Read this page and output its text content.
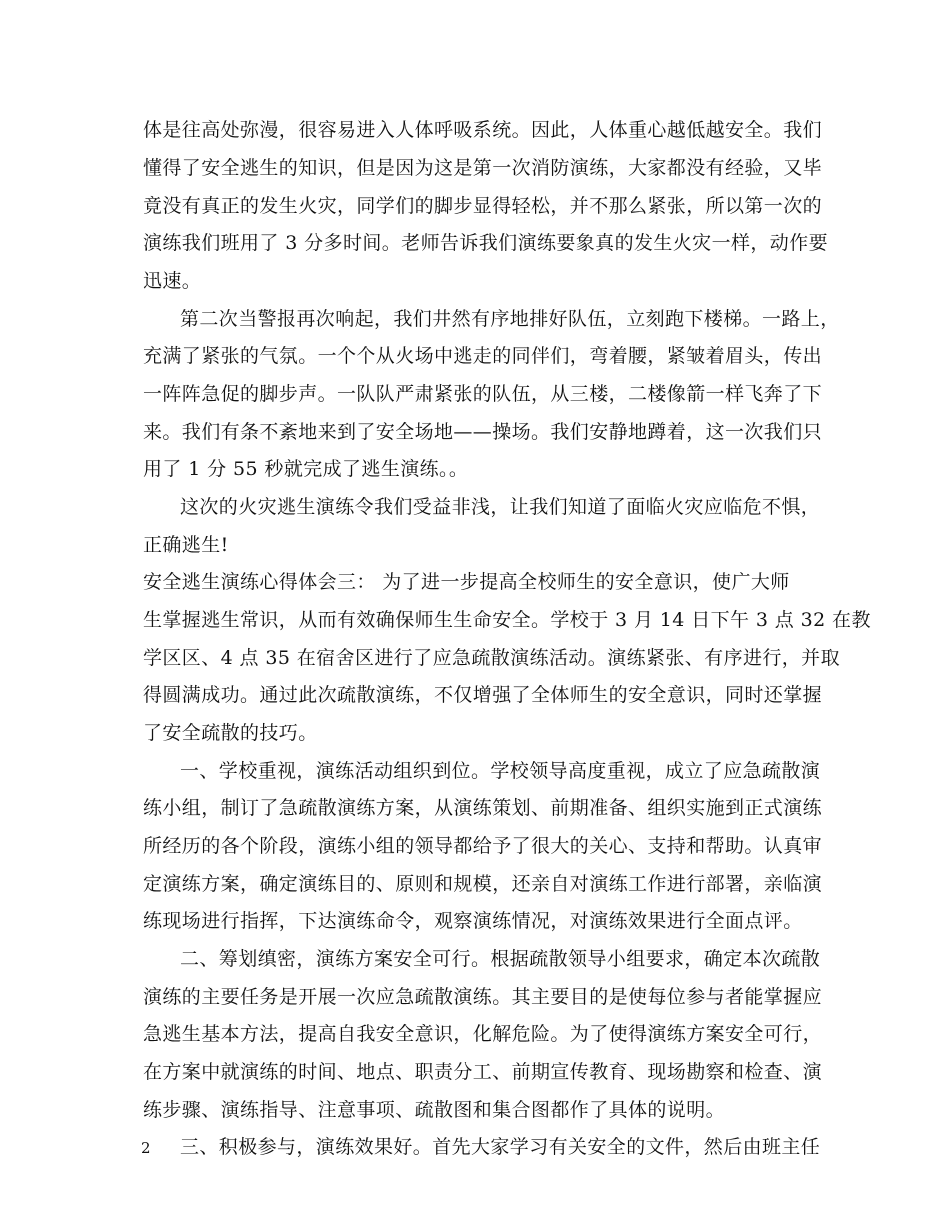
体是往高处弥漫，很容易进入人体呼吸系统。因此，人体重心越低越安全。我们
懂得了安全逃生的知识，但是因为这是第一次消防演练，大家都没有经验，又毕
竟没有真正的发生火灾，同学们的脚步显得轻松，并不那么紧张，所以第一次的
演练我们班用了 3 分多时间。老师告诉我们演练要象真的发生火灾一样，动作要
迅速。
第二次当警报再次响起，我们井然有序地排好队伍，立刻跑下楼梯。一路上，
充满了紧张的气氛。一个个从火场中逃走的同伴们，弯着腰，紧皱着眉头，传出
一阵阵急促的脚步声。一队队严肃紧张的队伍，从三楼，二楼像箭一样飞奔了下
来。我们有条不紊地来到了安全场地——操场。我们安静地蹲着，这一次我们只
用了 1 分 55 秒就完成了逃生演练。。
这次的火灾逃生演练令我们受益非浅，让我们知道了面临火灾应临危不惧，
正确逃生!
安全逃生演练心得体会三： 为了进一步提高全校师生的安全意识，使广大师
生掌握逃生常识，从而有效确保师生生命安全。学校于 3 月 14 日下午 3 点 32 在教
学区区、4 点 35 在宿舍区进行了应急疏散演练活动。演练紧张、有序进行，并取
得圆满成功。通过此次疏散演练，不仅增强了全体师生的安全意识，同时还掌握
了安全疏散的技巧。
一、学校重视，演练活动组织到位。学校领导高度重视，成立了应急疏散演
练小组，制订了急疏散演练方案，从演练策划、前期准备、组织实施到正式演练
所经历的各个阶段，演练小组的领导都给予了很大的关心、支持和帮助。认真审
定演练方案，确定演练目的、原则和规模，还亲自对演练工作进行部署，亲临演
练现场进行指挥，下达演练命令，观察演练情况，对演练效果进行全面点评。
二、筹划缜密，演练方案安全可行。根据疏散领导小组要求，确定本次疏散
演练的主要任务是开展一次应急疏散演练。其主要目的是使每位参与者能掌握应
急逃生基本方法，提高自我安全意识，化解危险。为了使得演练方案安全可行，
在方案中就演练的时间、地点、职责分工、前期宣传教育、现场勘察和检查、演
练步骤、演练指导、注意事项、疏散图和集合图都作了具体的说明。
三、积极参与，演练效果好。首先大家学习有关安全的文件，然后由班主任
2
